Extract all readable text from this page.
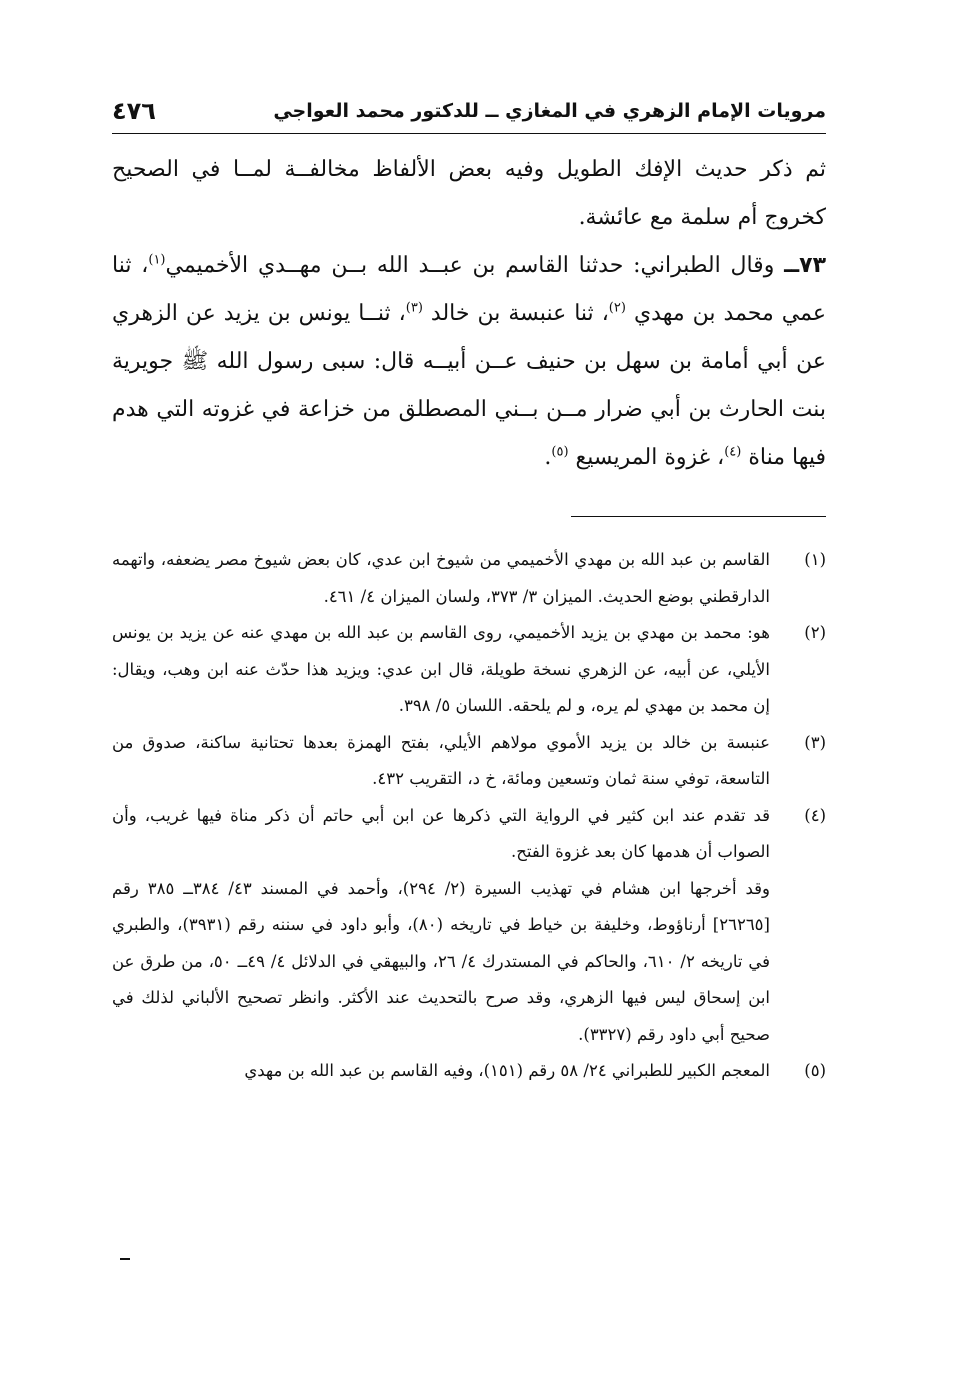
مرويات الإمام الزهري في المغازي ــ للدكتور محمد العواجي
٤٧٦

ثم ذكر حديث الإفك الطويل وفيه بعض الألفاظ مخالفــة لمــا في الصحيح كخروج أم سلمة مع عائشة.

٧٣ــ وقال الطبراني: حدثنا القاسم بن عبــد الله بــن مهــدي الأخميمي$^{(١)}$، ثنا عمي محمد بن مهدي $^{(٢)}$، ثنا عنبسة بن خالد $^{(٣)}$، ثنــا يونس بن يزيد عن الزهري عن أبي أمامة بن سهل بن حنيف عــن أبيــه قال: سبى رسول الله ﷺ جويرية بنت الحارث بن أبي ضرار مــن بــني المصطلق من خزاعة في غزوته التي هدم فيها مناة $^{(٤)}$، غزوة المريسيع $^{(٥)}$.

(١)

القاسم بن عبد الله بن مهدي الأخميمي من شيوخ ابن عدي، كان بعض شيوخ مصر يضعفه، واتهمه الدارقطني بوضع الحديث. الميزان ٣/ ٣٧٣، ولسان الميزان ٤/ ٤٦١.

(٢)

هو: محمد بن مهدي بن يزيد الأخميمي، روى القاسم بن عبد الله بن مهدي عنه عن يزيد بن يونس الأيلي، عن أبيه، عن الزهري نسخة طويلة، قال ابن عدي: ويزيد هذا حدّث عنه ابن وهب، ويقال: إن محمد بن مهدي لم يره، و لم يلحقه. اللسان ٥/ ٣٩٨.

(٣)

عنبسة بن خالد بن يزيد الأموي مولاهم الأيلي، بفتح الهمزة بعدها تحتانية ساكنة، صدوق من التاسعة، توفي سنة ثمان وتسعين ومائة، خ د، التقريب ٤٣٢.

(٤)

قد تقدم عند ابن كثير في الرواية التي ذكرها عن ابن أبي حاتم أن ذكر مناة فيها غريب، وأن الصواب أن هدمها كان بعد غزوة الفتح.

وقد أخرجها ابن هشام في تهذيب السيرة (٢/ ٢٩٤)، وأحمد في المسند ٤٣/ ٣٨٤ــ ٣٨٥ رقم [٢٦٢٦٥] أرناؤوط، وخليفة بن خياط في تاريخه (٨٠)، وأبو داود في سننه رقم (٣٩٣١)، والطبري في تاريخه ٢/ ٦١٠، والحاكم في المستدرك ٤/ ٢٦، والبيهقي في الدلائل ٤/ ٤٩ــ ٥٠، من طرق عن ابن إسحاق ليس فيها الزهري، وقد صرح بالتحديث عند الأكثر. وانظر تصحيح الألباني لذلك في صحيح أبي داود رقم (٣٣٢٧).

(٥)

المعجم الكبير للطبراني ٢٤/ ٥٨ رقم (١٥١)، وفيه القاسم بن عبد الله بن مهدي
